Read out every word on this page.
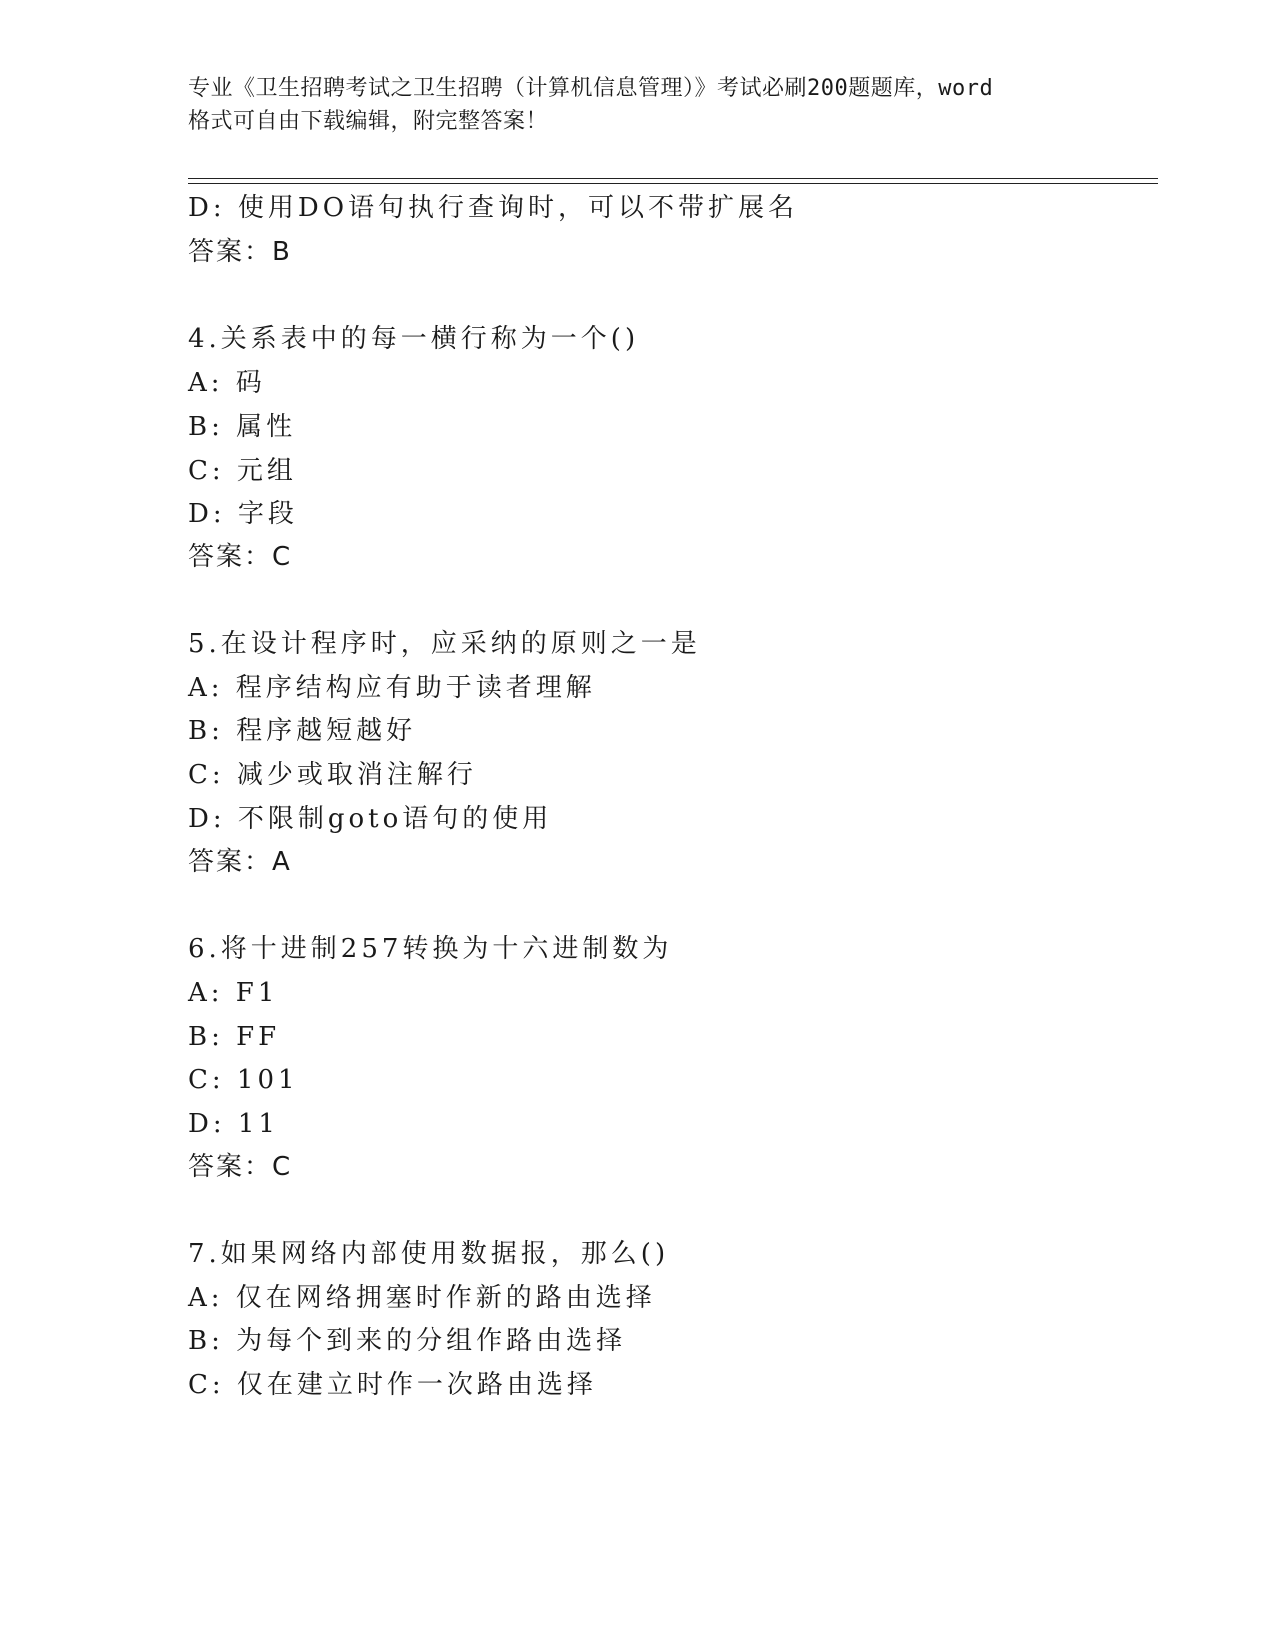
专业《卫生招聘考试之卫生招聘（计算机信息管理）》考试必刷200题题库，word
格式可自由下载编辑，附完整答案！
D: 使用DO语句执行查询时，可以不带扩展名
答案：B
4.关系表中的每一横行称为一个()
A: 码
B: 属性
C: 元组
D: 字段
答案：C
5.在设计程序时，应采纳的原则之一是
A: 程序结构应有助于读者理解
B: 程序越短越好
C: 减少或取消注解行
D: 不限制goto语句的使用
答案：A
6.将十进制257转换为十六进制数为
A: F1
B: FF
C: 101
D: 11
答案：C
7.如果网络内部使用数据报，那么()
A: 仅在网络拥塞时作新的路由选择
B: 为每个到来的分组作路由选择
C: 仅在建立时作一次路由选择
